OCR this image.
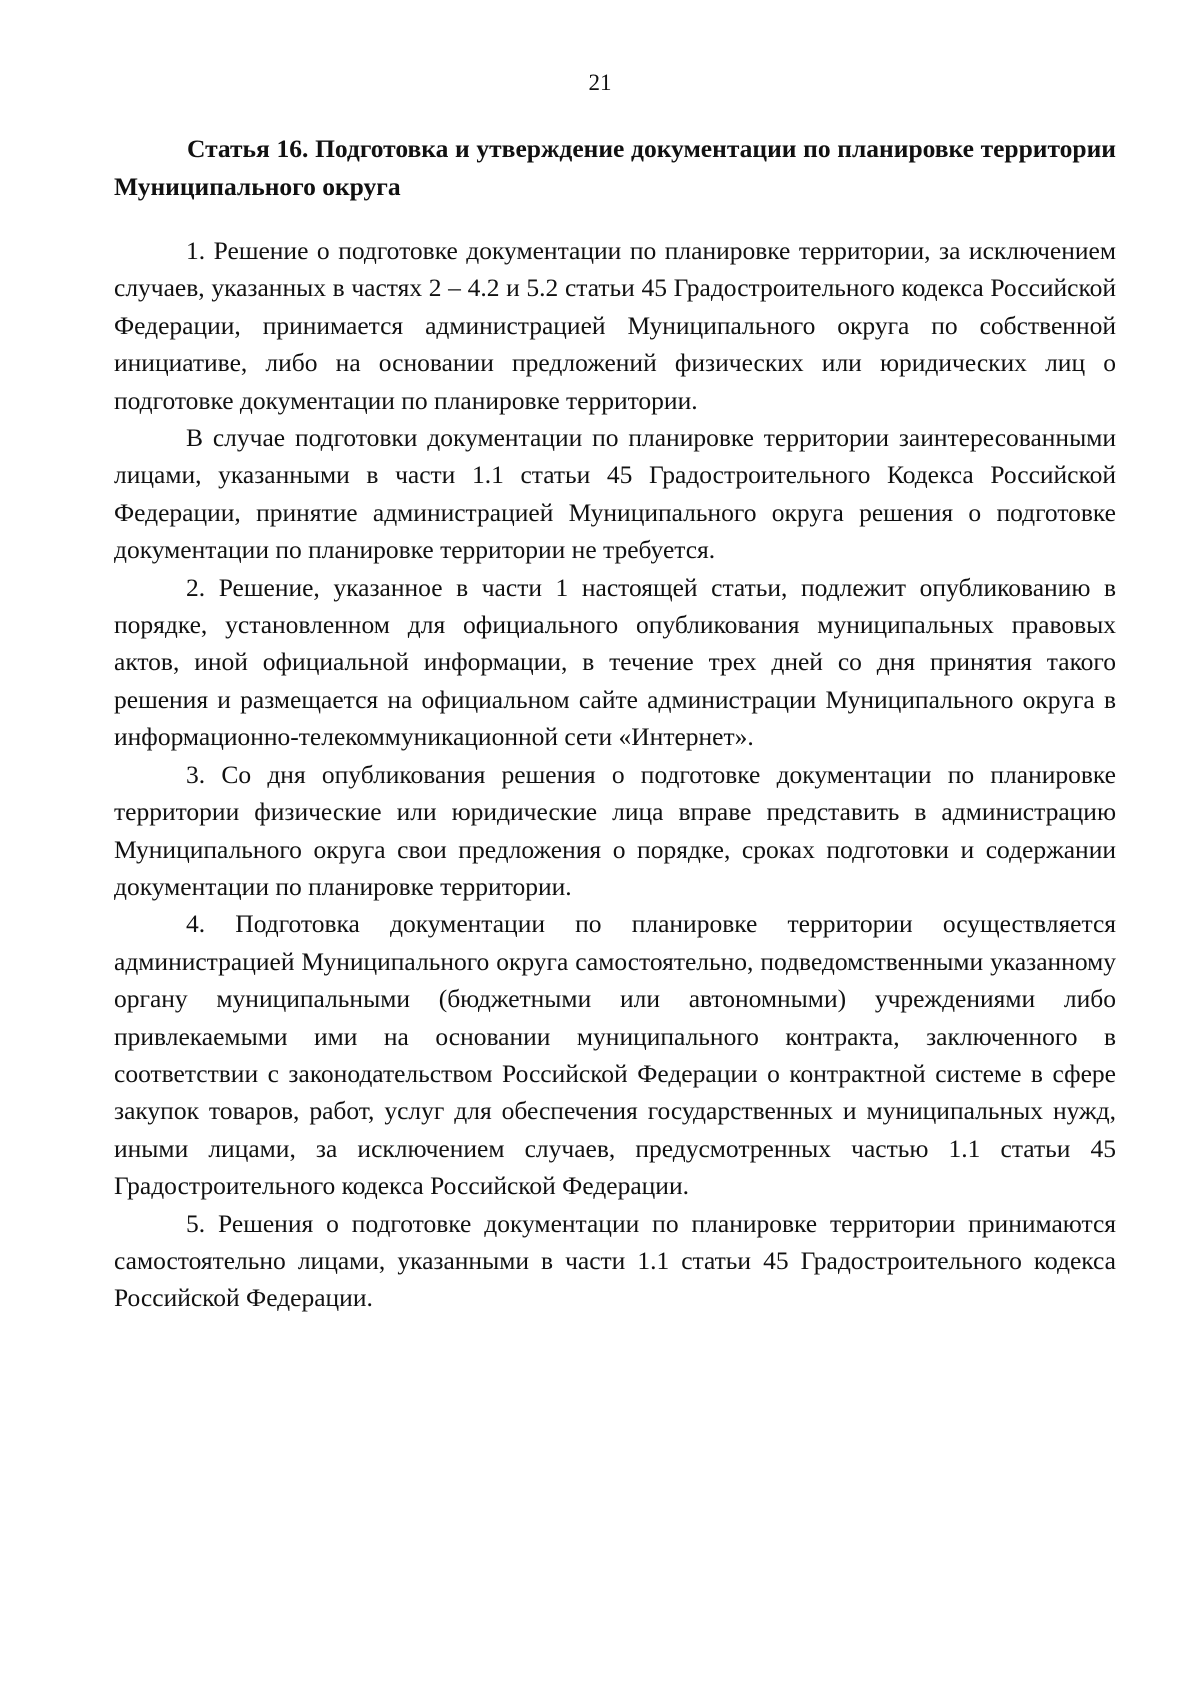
21

Статья 16. Подготовка и утверждение документации по планировке территории Муниципального округа

1. Решение о подготовке документации по планировке территории, за исключением случаев, указанных в частях 2 – 4.2 и 5.2 статьи 45 Градостроительного кодекса Российской Федерации, принимается администрацией Муниципального округа по собственной инициативе, либо на основании предложений физических или юридических лиц о подготовке документации по планировке территории.

В случае подготовки документации по планировке территории заинтересованными лицами, указанными в части 1.1 статьи 45 Градостроительного Кодекса Российской Федерации, принятие администрацией Муниципального округа решения о подготовке документации по планировке территории не требуется.

2. Решение, указанное в части 1 настоящей статьи, подлежит опубликованию в порядке, установленном для официального опубликования муниципальных правовых актов, иной официальной информации, в течение трех дней со дня принятия такого решения и размещается на официальном сайте администрации Муниципального округа в информационно-телекоммуникационной сети «Интернет».

3. Со дня опубликования решения о подготовке документации по планировке территории физические или юридические лица вправе представить в администрацию Муниципального округа свои предложения о порядке, сроках подготовки и содержании документации по планировке территории.

4. Подготовка документации по планировке территории осуществляется администрацией Муниципального округа самостоятельно, подведомственными указанному органу муниципальными (бюджетными или автономными) учреждениями либо привлекаемыми ими на основании муниципального контракта, заключенного в соответствии с законодательством Российской Федерации о контрактной системе в сфере закупок товаров, работ, услуг для обеспечения государственных и муниципальных нужд, иными лицами, за исключением случаев, предусмотренных частью 1.1 статьи 45 Градостроительного кодекса Российской Федерации.

5. Решения о подготовке документации по планировке территории принимаются самостоятельно лицами, указанными в части 1.1 статьи 45 Градостроительного кодекса Российской Федерации.
